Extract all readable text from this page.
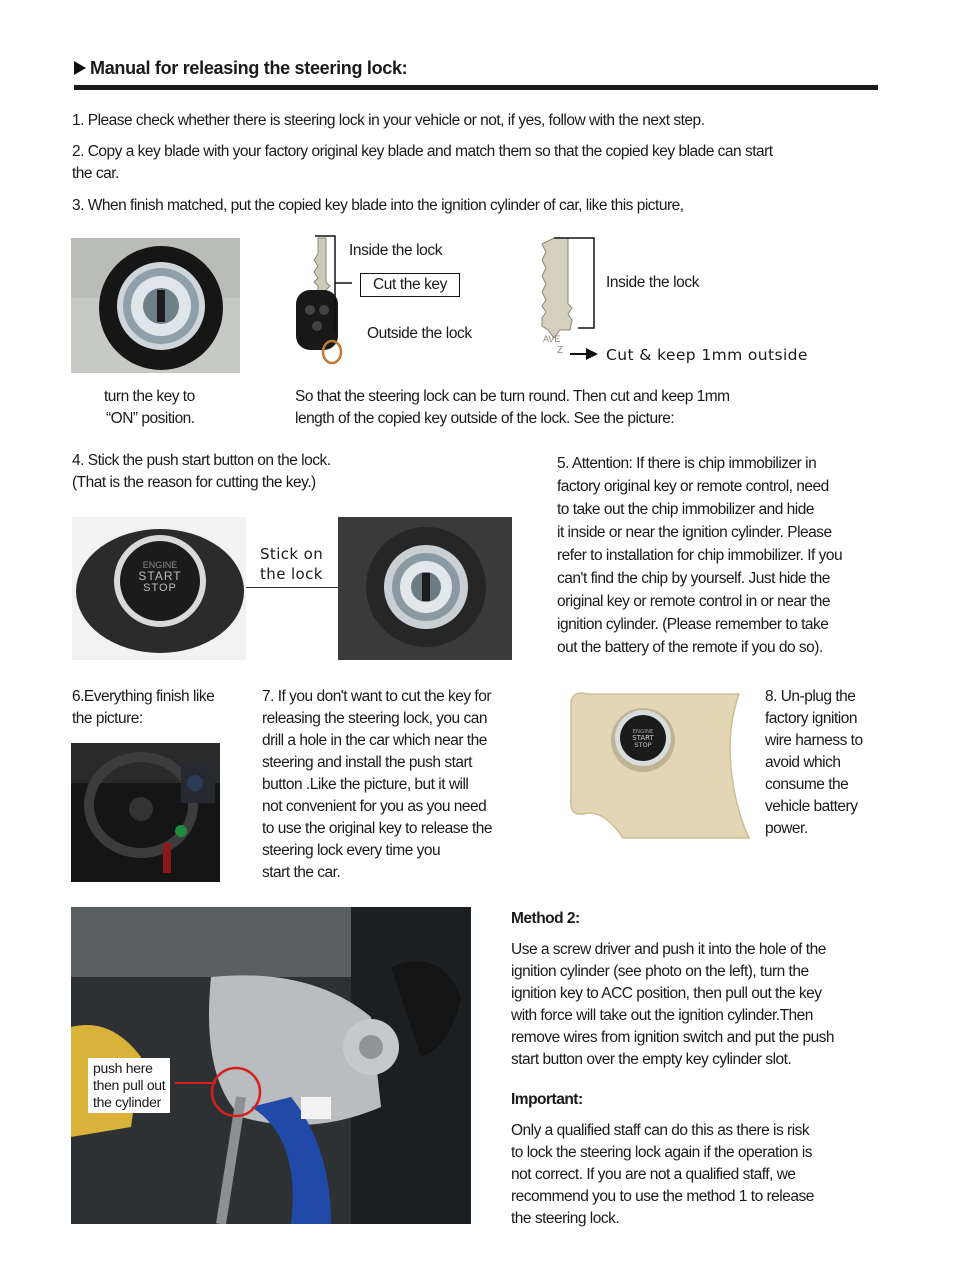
Manual for releasing the steering lock:
1. Please check whether there is steering lock in your vehicle or not, if yes, follow with the next step.
2. Copy a key blade with your factory original key blade and match them so that the copied key blade can start
the car.
3. When finish matched, put the copied key blade into the ignition cylinder of car, like this picture,
Inside the lock
Cut the key
Outside the lock	AVE
Z
Inside the lock
Cut & keep 1mm outside
turn the key to
“ON” position.
So that the steering lock can be turn round. Then cut and keep 1mm
length of the copied key outside of the lock. See the picture:
4. Stick the push start button on the lock.
(That is the reason for cutting the key.)
ENGINE
START
STOP
Stick on
the lock
5. Attention: If there is chip immobilizer in
factory original key or remote control, need
to take out the chip immobilizer and hide
it inside or near the ignition cylinder. Please
refer to installation for chip immobilizer. If you
can't find the chip by yourself. Just hide the
original key or remote control in or near the
ignition cylinder. (Please remember to take
out the battery of the remote if you do so).
6.Everything finish like
the picture:
7. If you don't want to cut the key for
releasing the steering lock, you can
drill a hole in the car which near the
steering and install the push start
button .Like the picture, but it will
not convenient for you as you need
to use the original key to release the
steering lock every time you
start the car.
ENGINE
START
STOP
8. Un-plug the
factory ignition
wire harness to
avoid which
consume the
vehicle battery
power.
push here
then pull out
the cylinder
Method 2:
Use a screw driver and push it into the hole of the
ignition cylinder (see photo on the left), turn the
ignition key to ACC position, then pull out the key
with force will take out the ignition cylinder.Then
remove wires from ignition switch and put the push
start button over the empty key cylinder slot.
Important:
Only a qualified staff can do this as there is risk
to lock the steering lock again if the operation is
not correct. If you are not a qualified staff, we
recommend you to use the method 1 to release
the steering lock.
